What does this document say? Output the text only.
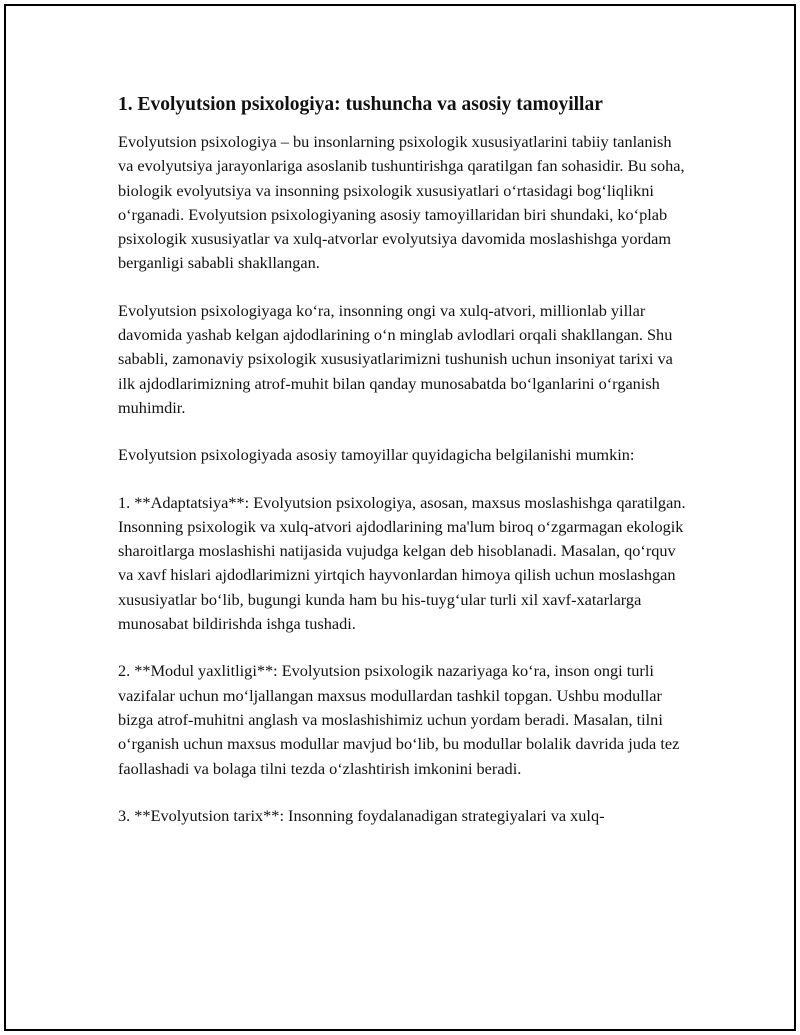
1. Evolyutsion psixologiya: tushuncha va asosiy tamoyillar

Evolyutsion psixologiya – bu insonlarning psixologik xususiyatlarini tabiiy tanlanish va evolyutsiya jarayonlariga asoslanib tushuntirishga qaratilgan fan sohasidir. Bu soha, biologik evolyutsiya va insonning psixologik xususiyatlari o‘rtasidagi bog‘liqlikni o‘rganadi. Evolyutsion psixologiyaning asosiy tamoyillaridan biri shundaki, ko‘plab psixologik xususiyatlar va xulq-atvorlar evolyutsiya davomida moslashishga yordam berganligi sababli shakllangan.

Evolyutsion psixologiyaga ko‘ra, insonning ongi va xulq-atvori, millionlab yillar davomida yashab kelgan ajdodlarining o‘n minglab avlodlari orqali shakllangan. Shu sababli, zamonaviy psixologik xususiyatlarimizni tushunish uchun insoniyat tarixi va ilk ajdodlarimizning atrof-muhit bilan qanday munosabatda bo‘lganlarini o‘rganish muhimdir.

Evolyutsion psixologiyada asosiy tamoyillar quyidagicha belgilanishi mumkin:

1. **Adaptatsiya**: Evolyutsion psixologiya, asosan, maxsus moslashishga qaratilgan. Insonning psixologik va xulq-atvori ajdodlarining ma'lum biroq o‘zgarmagan ekologik sharoitlarga moslashishi natijasida vujudga kelgan deb hisoblanadi. Masalan, qo‘rquv va xavf hislari ajdodlarimizni yirtqich hayvonlardan himoya qilish uchun moslashgan xususiyatlar bo‘lib, bugungi kunda ham bu his-tuyg‘ular turli xil xavf-xatarlarga munosabat bildirishda ishga tushadi.

2. **Modul yaxlitligi**: Evolyutsion psixologik nazariyaga ko‘ra, inson ongi turli vazifalar uchun mo‘ljallangan maxsus modullardan tashkil topgan. Ushbu modullar bizga atrof-muhitni anglash va moslashishimiz uchun yordam beradi. Masalan, tilni o‘rganish uchun maxsus modullar mavjud bo‘lib, bu modullar bolalik davrida juda tez faollashadi va bolaga tilni tezda o‘zlashtirish imkonini beradi.

3. **Evolyutsion tarix**: Insonning foydalanadigan strategiyalari va xulq-
